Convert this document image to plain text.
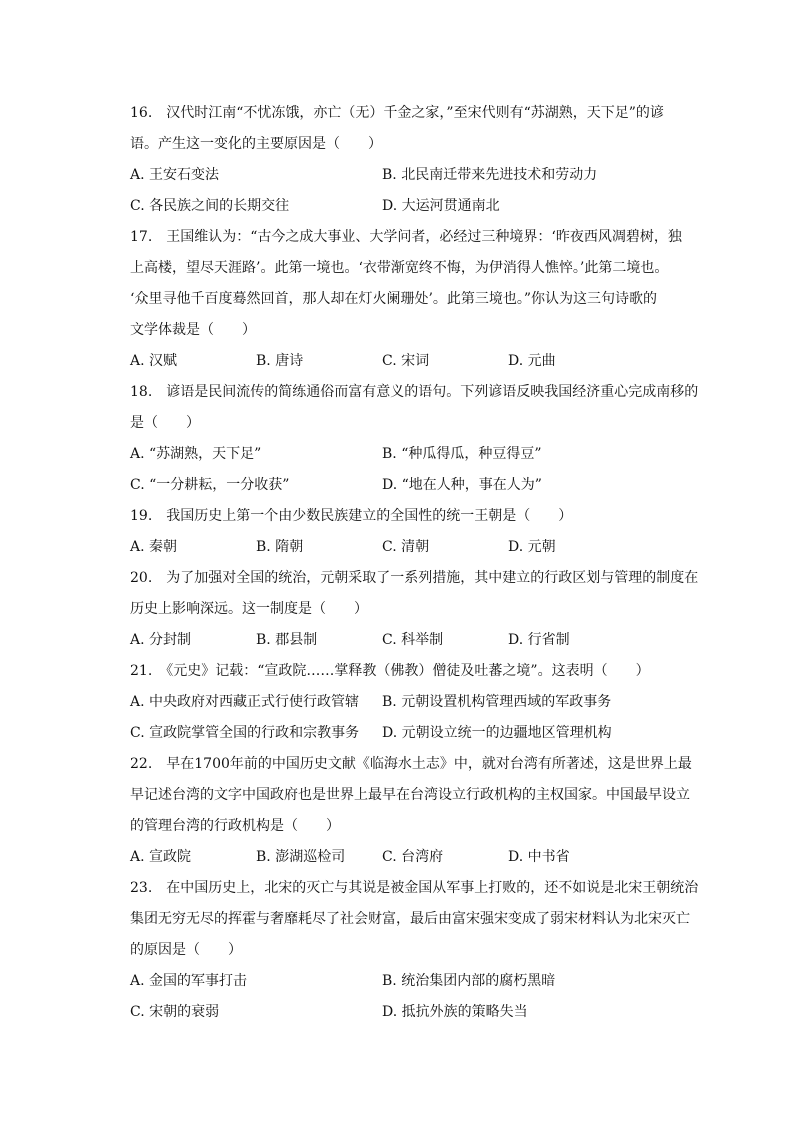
16.　汉代时江南“不忧冻饿，亦亡（无）千金之家，”至宋代则有“苏湖熟，天下足”的谚
语。产生这一变化的主要原因是（　　）
A. 王安石变法	B. 北民南迁带来先进技术和劳动力
C. 各民族之间的长期交往	D. 大运河贯通南北
17.　王国维认为：“古今之成大事业、大学问者，必经过三种境界：‘昨夜西风凋碧树，独
上高楼，望尽天涯路’。此第一境也。‘衣带渐宽终不悔，为伊消得人憔悴。’此第二境也。
‘众里寻他千百度蓦然回首，那人却在灯火阑珊处’。此第三境也。”你认为这三句诗歌的
文学体裁是（　　）
A. 汉赋	B. 唐诗	C. 宋词	D. 元曲
18.　谚语是民间流传的简练通俗而富有意义的语句。下列谚语反映我国经济重心完成南移的
是（　　）
A. “苏湖熟，天下足”	B. “种瓜得瓜，种豆得豆”
C. “一分耕耘，一分收获”	D. “地在人种，事在人为”
19.　我国历史上第一个由少数民族建立的全国性的统一王朝是（　　）
A. 秦朝	B. 隋朝	C. 清朝	D. 元朝
20.　为了加强对全国的统治，元朝采取了一系列措施，其中建立的行政区划与管理的制度在
历史上影响深远。这一制度是（　　）
A. 分封制	B. 郡县制	C. 科举制	D. 行省制
21.　《元史》记载：“宣政院……掌释教（佛教）僧徒及吐蕃之境”。这表明（　　）
A. 中央政府对西藏正式行使行政管辖 B. 元朝设置机构管理西域的军政事务
C. 宣政院掌管全国的行政和宗教事务 D. 元朝设立统一的边疆地区管理机构
22.　早在1700年前的中国历史文献《临海水土志》中，就对台湾有所著述，这是世界上最
早记述台湾的文字中国政府也是世界上最早在台湾设立行政机构的主权国家。中国最早设立
的管理台湾的行政机构是（　　）
A. 宣政院	B. 澎湖巡检司	C. 台湾府	D. 中书省
23.　在中国历史上，北宋的灭亡与其说是被金国从军事上打败的，还不如说是北宋王朝统治
集团无穷无尽的挥霍与奢靡耗尽了社会财富，最后由富宋强宋变成了弱宋材料认为北宋灭亡
的原因是（　　）
A. 金国的军事打击	B. 统治集团内部的腐朽黑暗
C. 宋朝的衰弱	D. 抵抗外族的策略失当
